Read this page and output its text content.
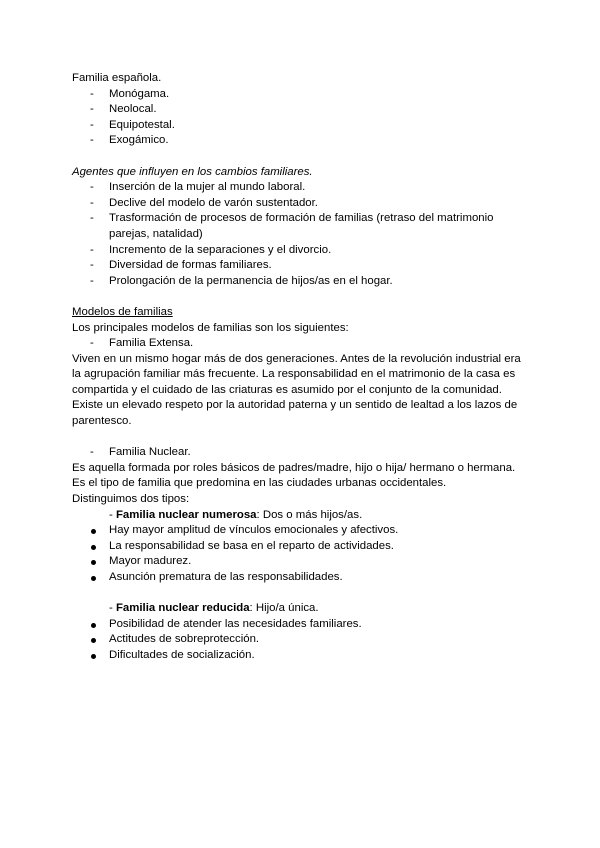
Familia española.

- Monógama.
- Neolocal.
- Equipotestal.
- Exogámico.

Agentes que influyen en los cambios familiares.

- Inserción de la mujer al mundo laboral.
- Declive del modelo de varón sustentador.
- Trasformación de procesos de formación de familias (retraso del matrimonio parejas, natalidad)
- Incremento de la separaciones y el divorcio.
- Diversidad de formas familiares.
- Prolongación de la permanencia de hijos/as en el hogar.

Modelos de familias

Los principales modelos de familias son los siguientes:

- Familia Extensa.

Viven en un mismo hogar más de dos generaciones. Antes de la revolución industrial era la agrupación familiar más frecuente. La responsabilidad en el matrimonio de la casa es compartida y el cuidado de las criaturas es asumido por el conjunto de la comunidad.

Existe un elevado respeto por la autoridad paterna y un sentido de lealtad a los lazos de

parentesco.

- Familia Nuclear.

Es aquella formada por roles básicos de padres/madre, hijo o hija/ hermano o hermana.

Es el tipo de familia que predomina en las ciudades urbanas occidentales.

Distinguimos dos tipos:

- Familia nuclear numerosa: Dos o más hijos/as.

Hay mayor amplitud de vínculos emocionales y afectivos.
La responsabilidad se basa en el reparto de actividades.
Mayor madurez.
Asunción prematura de las responsabilidades.

- Familia nuclear reducida: Hijo/a única.

Posibilidad de atender las necesidades familiares.
Actitudes de sobreprotección.
Dificultades de socialización.
